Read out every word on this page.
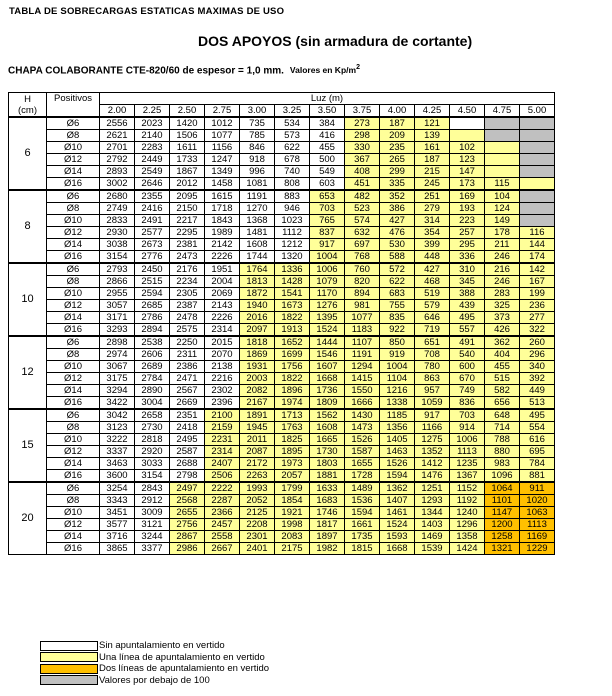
TABLA DE SOBRECARGAS ESTATICAS MAXIMAS DE USO
DOS APOYOS (sin armadura de cortante)
CHAPA COLABORANTE CTE-820/60 de espesor = 1,0 mm. Valores en $Kp/m^2$
H
(cm)	Positivos	Luz (m)												
		2.00	2.25	2.50	2.75	3.00	3.25	3.50	3.75	4.00	4.25	4.50	4.75	5.00
6	Ø6	2556	2023	1420	1012	735	534	384	273	187	121			
	Ø8	2621	2140	1506	1077	785	573	416	298	209	139			
	Ø10	2701	2283	1611	1156	846	622	455	330	235	161	102		
	Ø12	2792	2449	1733	1247	918	678	500	367	265	187	123		
	Ø14	2893	2549	1867	1349	996	740	549	408	299	215	147		
	Ø16	3002	2646	2012	1458	1081	808	603	451	335	245	173	115	
8	Ø6	2680	2355	2095	1615	1191	883	653	482	352	251	169	104	
	Ø8	2749	2416	2150	1718	1270	946	703	523	386	279	193	124	
	Ø10	2833	2491	2217	1843	1368	1023	765	574	427	314	223	149	
	Ø12	2930	2577	2295	1989	1481	1112	837	632	476	354	257	178	116
	Ø14	3038	2673	2381	2142	1608	1212	917	697	530	399	295	211	144
	Ø16	3154	2776	2473	2226	1744	1320	1004	768	588	448	336	246	174
10	Ø6	2793	2450	2176	1951	1764	1336	1006	760	572	427	310	216	142
	Ø8	2866	2515	2234	2004	1813	1428	1079	820	622	468	345	246	167
	Ø10	2955	2594	2305	2069	1872	1541	1170	894	683	519	388	283	199
	Ø12	3057	2685	2387	2143	1940	1673	1276	981	755	579	439	325	236
	Ø14	3171	2786	2478	2226	2016	1822	1395	1077	835	646	495	373	277
	Ø16	3293	2894	2575	2314	2097	1913	1524	1183	922	719	557	426	322
12	Ø6	2898	2538	2250	2015	1818	1652	1444	1107	850	651	491	362	260
	Ø8	2974	2606	2311	2070	1869	1699	1546	1191	919	708	540	404	296
	Ø10	3067	2689	2386	2138	1931	1756	1607	1294	1004	780	600	455	340
	Ø12	3175	2784	2471	2216	2003	1822	1668	1415	1104	863	670	515	392
	Ø14	3294	2890	2567	2302	2082	1896	1736	1550	1216	957	749	582	449
	Ø16	3422	3004	2669	2396	2167	1974	1809	1666	1338	1059	836	656	513
15	Ø6	3042	2658	2351	2100	1891	1713	1562	1430	1185	917	703	648	495
	Ø8	3123	2730	2418	2159	1945	1763	1608	1473	1356	1166	914	714	554
	Ø10	3222	2818	2495	2231	2011	1825	1665	1526	1405	1275	1006	788	616
	Ø12	3337	2920	2587	2314	2087	1895	1730	1587	1463	1352	1113	880	695
	Ø14	3463	3033	2688	2407	2172	1973	1803	1655	1526	1412	1235	983	784
	Ø16	3600	3154	2798	2506	2263	2057	1881	1728	1594	1476	1367	1096	881
20	Ø6	3254	2843	2497	2222	1993	1799	1633	1489	1362	1251	1152	1064	911
	Ø8	3343	2912	2568	2287	2052	1854	1683	1536	1407	1293	1192	1101	1020
	Ø10	3451	3009	2655	2366	2125	1921	1746	1594	1461	1344	1240	1147	1063
	Ø12	3577	3121	2756	2457	2208	1998	1817	1661	1524	1403	1296	1200	1113
	Ø14	3716	3244	2867	2558	2301	2083	1897	1735	1593	1469	1358	1258	1169
	Ø16	3865	3377	2986	2667	2401	2175	1982	1815	1668	1539	1424	1321	1229
Sin apuntalamiento en vertido
Una línea de apuntalamiento en vertido
Dos líneas de apuntalamiento en vertido
Valores por debajo de 100
